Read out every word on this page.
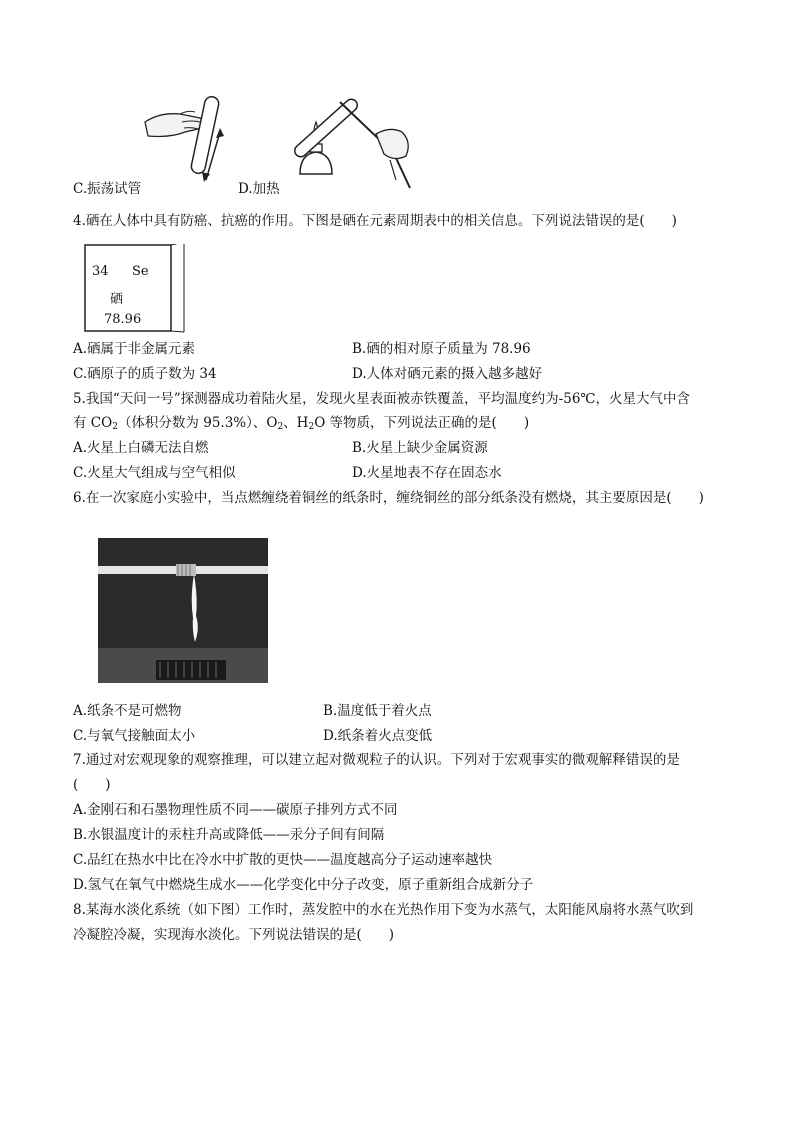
C.振荡试管	D.加热
4.硒在人体中具有防癌、抗癌的作用。下图是硒在元素周期表中的相关信息。下列说法错误的是(　　)
34 Se
硒
78.96
A.硒属于非金属元素	B.硒的相对原子质量为 78.96
C.硒原子的质子数为 34	D.人体对硒元素的摄入越多越好
5.我国“天问一号”探测器成功着陆火星，发现火星表面被赤铁覆盖，平均温度约为-56℃，火星大气中含
有 $CO_2$（体积分数为 95.3%）、$O_2$、$H_2O$ 等物质，下列说法正确的是(　　)
A.火星上白磷无法自燃	B.火星上缺少金属资源
C.火星大气组成与空气相似	D.火星地表不存在固态水
6.在一次家庭小实验中，当点燃缠绕着铜丝的纸条时，缠绕铜丝的部分纸条没有燃烧，其主要原因是(　　)
A.纸条不是可燃物	B.温度低于着火点
C.与氧气接触面太小	D.纸条着火点变低
7.通过对宏观现象的观察推理，可以建立起对微观粒子的认识。下列对于宏观事实的微观解释错误的是
(　　)
A.金刚石和石墨物理性质不同——碳原子排列方式不同
B.水银温度计的汞柱升高或降低——汞分子间有间隔
C.品红在热水中比在冷水中扩散的更快——温度越高分子运动速率越快
D.氢气在氧气中燃烧生成水——化学变化中分子改变，原子重新组合成新分子
8.某海水淡化系统（如下图）工作时，蒸发腔中的水在光热作用下变为水蒸气，太阳能风扇将水蒸气吹到
冷凝腔冷凝，实现海水淡化。下列说法错误的是(　　)
